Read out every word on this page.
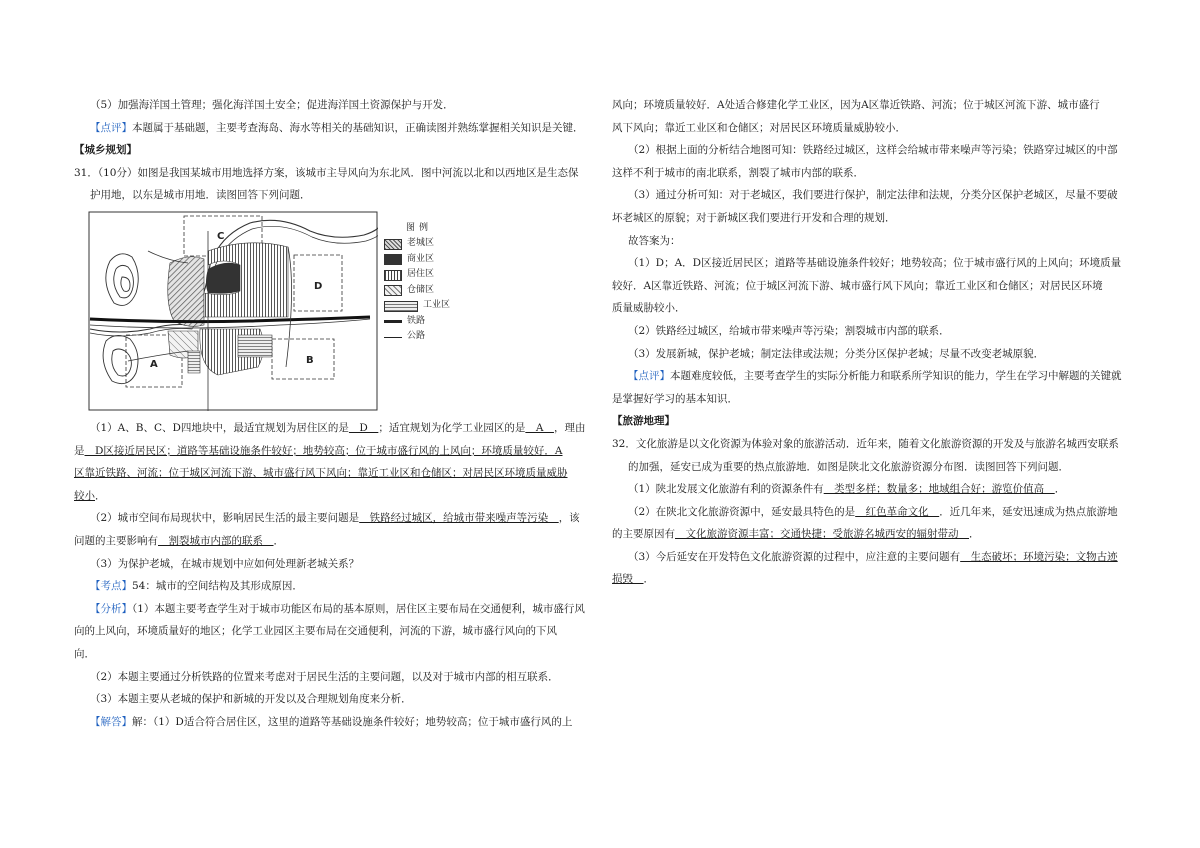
（5）加强海洋国土管理；强化海洋国土安全；促进海洋国土资源保护与开发．

【点评】本题属于基础题，主要考查海岛、海水等相关的基础知识，正确读图并熟练掌握相关知识是关键．

【城乡规划】

31．（10分）如图是我国某城市用地选择方案，该城市主导风向为东北风．图中河流以北和以西地区是生态保

护用地，以东是城市用地．读图回答下列问题．

C
D
B
A
图例
老城区
商业区
居住区
仓储区
工业区
铁路
公路

（1）A、B、C、D四地块中，最适宜规划为居住区的是　D　；适宜规划为化学工业园区的是　A　，理由

是　D区接近居民区；道路等基础设施条件较好；地势较高；位于城市盛行风的上风向；环境质量较好．A

区靠近铁路、河流；位于城区河流下游、城市盛行风下风向；靠近工业区和仓储区；对居民区环境质量威胁

较小．

（2）城市空间布局现状中，影响居民生活的最主要问题是　铁路经过城区，给城市带来噪声等污染　，该

问题的主要影响有　割裂城市内部的联系　．

（3）为保护老城，在城市规划中应如何处理新老城关系？

【考点】54：城市的空间结构及其形成原因．

【分析】（1）本题主要考查学生对于城市功能区布局的基本原则，居住区主要布局在交通便利，城市盛行风

向的上风向，环境质量好的地区；化学工业园区主要布局在交通便利，河流的下游，城市盛行风向的下风

向．

（2）本题主要通过分析铁路的位置来考虑对于居民生活的主要问题，以及对于城市内部的相互联系．

（3）本题主要从老城的保护和新城的开发以及合理规划角度来分析．

【解答】解：（1）D适合符合居住区，这里的道路等基础设施条件较好；地势较高；位于城市盛行风的上

风向；环境质量较好．A处适合修建化学工业区，因为A区靠近铁路、河流；位于城区河流下游、城市盛行

风下风向；靠近工业区和仓储区；对居民区环境质量威胁较小．

（2）根据上面的分析结合地图可知：铁路经过城区，这样会给城市带来噪声等污染；铁路穿过城区的中部

这样不利于城市的南北联系，割裂了城市内部的联系．

（3）通过分析可知：对于老城区，我们要进行保护，制定法律和法规，分类分区保护老城区，尽量不要破

坏老城区的原貌；对于新城区我们要进行开发和合理的规划．

故答案为：

（1）D；A．D区接近居民区；道路等基础设施条件较好；地势较高；位于城市盛行风的上风向；环境质量

较好．A区靠近铁路、河流；位于城区河流下游、城市盛行风下风向；靠近工业区和仓储区；对居民区环境

质量威胁较小．

（2）铁路经过城区，给城市带来噪声等污染；割裂城市内部的联系．

（3）发展新城，保护老城；制定法律或法规；分类分区保护老城；尽量不改变老城原貌．

【点评】本题难度较低，主要考查学生的实际分析能力和联系所学知识的能力，学生在学习中解题的关键就

是掌握好学习的基本知识．

【旅游地理】

32．文化旅游是以文化资源为体验对象的旅游活动．近年来，随着文化旅游资源的开发及与旅游名城西安联系

的加强，延安已成为重要的热点旅游地．如图是陕北文化旅游资源分布图．读图回答下列问题．

（1）陕北发展文化旅游有利的资源条件有　类型多样；数量多；地域组合好；游览价值高　．

（2）在陕北文化旅游资源中，延安最具特色的是　红色革命文化　．近几年来，延安迅速成为热点旅游地

的主要原因有　文化旅游资源丰富；交通快捷；受旅游名城西安的辐射带动　．

（3）今后延安在开发特色文化旅游资源的过程中，应注意的主要问题有　生态破坏；环境污染；文物古迹

损毁　．
